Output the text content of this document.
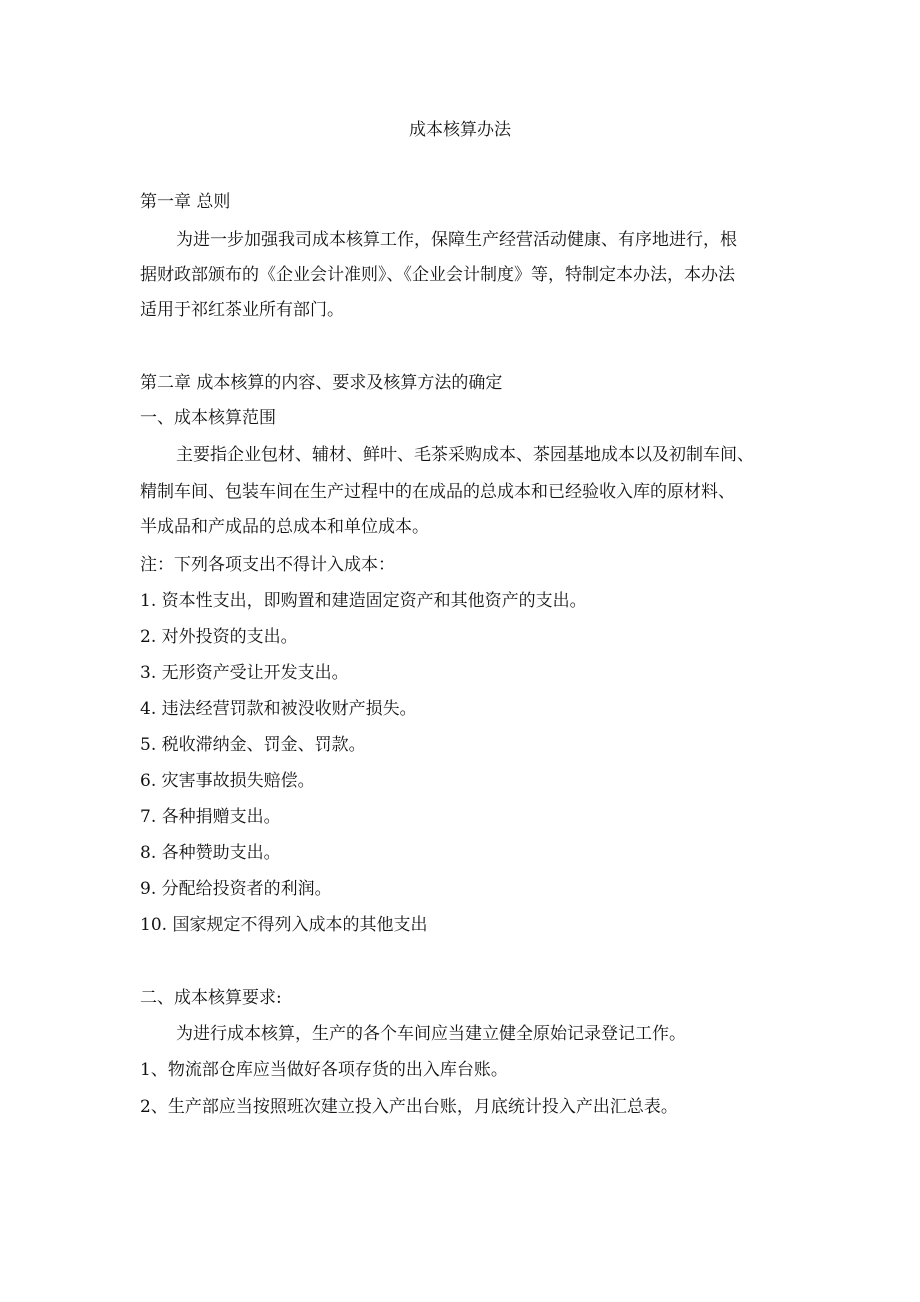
成本核算办法
第一章 总则
为进一步加强我司成本核算工作，保障生产经营活动健康、有序地进行，根
据财政部颁布的《企业会计准则》、《企业会计制度》等，特制定本办法，本办法
适用于祁红茶业所有部门。
第二章 成本核算的内容、要求及核算方法的确定
一、成本核算范围
主要指企业包材、辅材、鲜叶、毛茶采购成本、茶园基地成本以及初制车间、
精制车间、包装车间在生产过程中的在成品的总成本和已经验收入库的原材料、
半成品和产成品的总成本和单位成本。
注：下列各项支出不得计入成本：
1. 资本性支出，即购置和建造固定资产和其他资产的支出。
2. 对外投资的支出。
3. 无形资产受让开发支出。
4. 违法经营罚款和被没收财产损失。
5. 税收滞纳金、罚金、罚款。
6. 灾害事故损失赔偿。
7. 各种捐赠支出。
8. 各种赞助支出。
9. 分配给投资者的利润。
10. 国家规定不得列入成本的其他支出
二、成本核算要求:
为进行成本核算，生产的各个车间应当建立健全原始记录登记工作。
1、物流部仓库应当做好各项存货的出入库台账。
2、生产部应当按照班次建立投入产出台账，月底统计投入产出汇总表。
